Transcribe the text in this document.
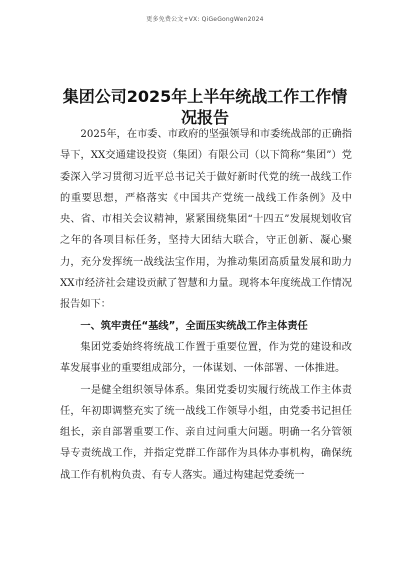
更多免费公文+VX: QiGeGongWen2024
集团公司2025年上半年统战工作工作情况报告

2025年，在市委、市政府的坚强领导和市委统战部的正确指导下，XX交通建设投资（集团）有限公司（以下简称“集团”）党委深入学习贯彻习近平总书记关于做好新时代党的统一战线工作的重要思想，严格落实《中国共产党统一战线工作条例》及中央、省、市相关会议精神，紧紧围绕集团“十四五”发展规划收官之年的各项目标任务，坚持大团结大联合，守正创新、凝心聚力，充分发挥统一战线法宝作用，为推动集团高质量发展和助力XX市经济社会建设贡献了智慧和力量。现将本年度统战工作情况报告如下：

一、筑牢责任“基线”，全面压实统战工作主体责任

集团党委始终将统战工作置于重要位置，作为党的建设和改革发展事业的重要组成部分，一体谋划、一体部署、一体推进。

一是健全组织领导体系。集团党委切实履行统战工作主体责任，年初即调整充实了统一战线工作领导小组，由党委书记担任组长，亲自部署重要工作、亲自过问重大问题。明确一名分管领导专责统战工作，并指定党群工作部作为具体办事机构，确保统战工作有机构负责、有专人落实。通过构建起党委统一
